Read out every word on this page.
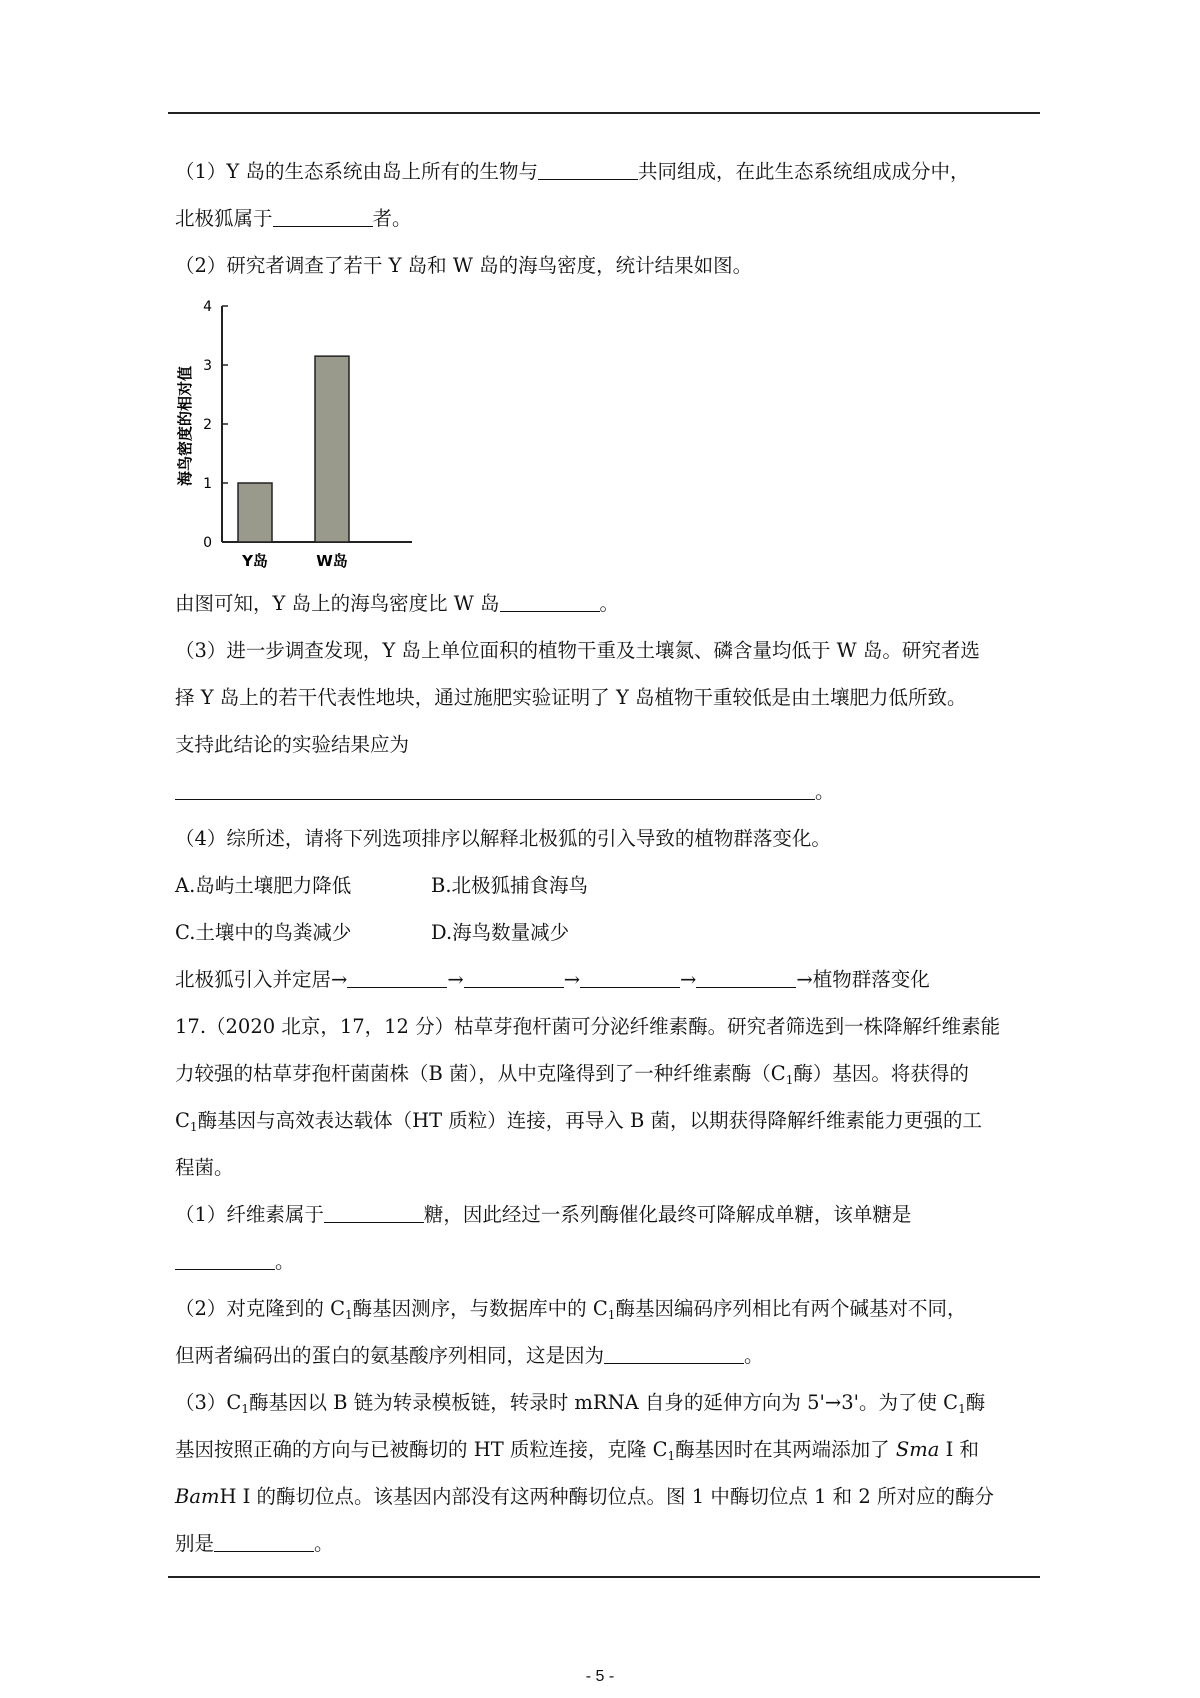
（1）Y 岛的生态系统由岛上所有的生物与	共同组成，在此生态系统组成成分中，
北极狐属于	者。
（2）研究者调查了若干 Y 岛和 W 岛的海鸟密度，统计结果如图。
海鸟密度的相对值
0
1
2
3
4
Y岛	W岛
由图可知，Y 岛上的海鸟密度比 W 岛	。
（3）进一步调查发现，Y 岛上单位面积的植物干重及土壤氮、磷含量均低于 W 岛。研究者选
择 Y 岛上的若干代表性地块，通过施肥实验证明了 Y 岛植物干重较低是由土壤肥力低所致。
支持此结论的实验结果应为
。
（4）综所述，请将下列选项排序以解释北极狐的引入导致的植物群落变化。
A.岛屿土壤肥力降低	B.北极狐捕食海鸟
C.土壤中的鸟粪减少	D.海鸟数量减少
北极狐引入并定居→	→	→	→	→植物群落变化
17.（2020 北京，17，12 分）枯草芽孢杆菌可分泌纤维素酶。研究者筛选到一株降解纤维素能
力较强的枯草芽孢杆菌菌株（B 菌），从中克隆得到了一种纤维素酶（$C_1$酶）基因。将获得的
$C_1$酶基因与高效表达载体（HT 质粒）连接，再导入 B 菌，以期获得降解纤维素能力更强的工
程菌。
（1）纤维素属于	糖，因此经过一系列酶催化最终可降解成单糖，该单糖是
。
（2）对克隆到的 $C_1$酶基因测序，与数据库中的 $C_1$酶基因编码序列相比有两个碱基对不同，
但两者编码出的蛋白的氨基酸序列相同，这是因为	。
$(3)C_1$酶基因以 B 链为转录模板链，转录时 mRNA 自身的延伸方向为 5'→3'。为了使 $C_1$酶
基因按照正确的方向与已被酶切的 HT 质粒连接，克隆 $C_1$酶基因时在其两端添加了 Sma I 和
BamH I 的酶切位点。该基因内部没有这两种酶切位点。图 1 中酶切位点 1 和 2 所对应的酶分
别是	。
- 5 -
